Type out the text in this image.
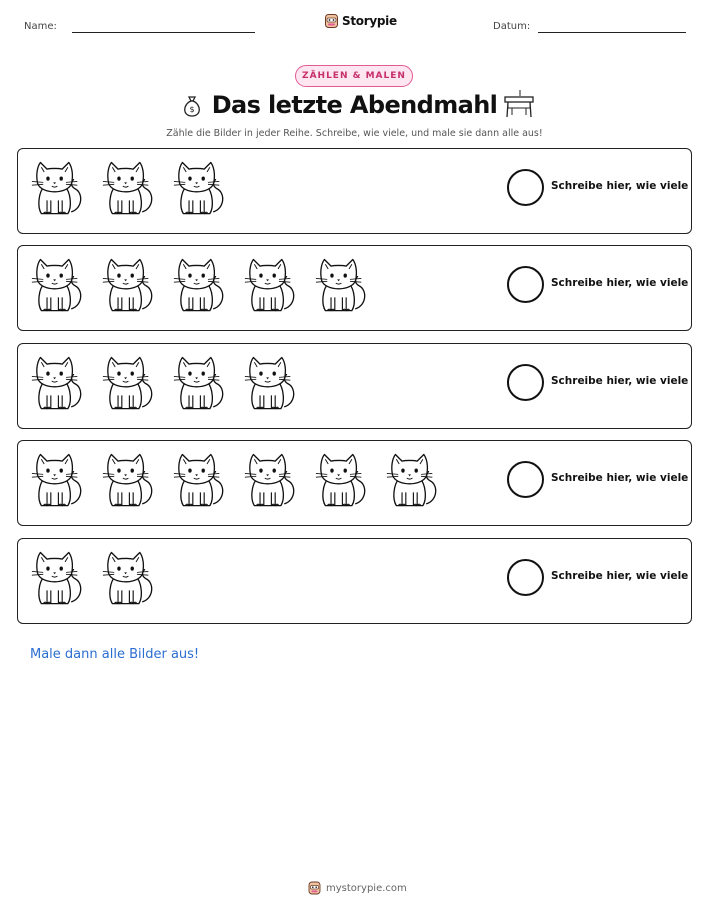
Name:	Storypie	Datum:
ZÄHLEN & MALEN
$ Das letzte Abendmahl
Zähle die Bilder in jeder Reihe. Schreibe, wie viele, und male sie dann alle aus!
Schreibe hier, wie viele
Schreibe hier, wie viele
Schreibe hier, wie viele
Schreibe hier, wie viele
Schreibe hier, wie viele
Male dann alle Bilder aus!
mystorypie.com
